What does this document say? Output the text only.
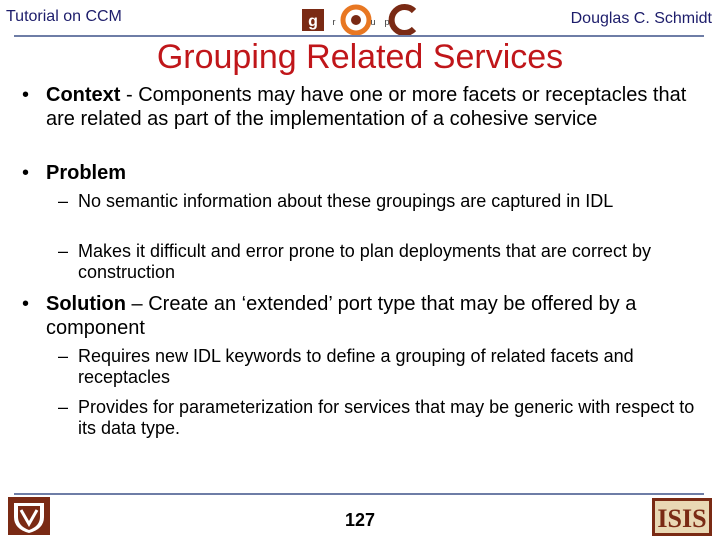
Tutorial on CCM	Douglas C. Schmidt
g r	u p
Grouping Related Services
• Context - Components may have one or more facets or receptacles that are related as part of the implementation of a cohesive service
• Problem
– No semantic information about these groupings are captured in IDL
– Makes it difficult and error prone to plan deployments that are correct by construction
• Solution – Create an ‘extended’ port type that may be offered by a component
– Requires new IDL keywords to define a grouping of related facets and receptacles
– Provides for parameterization for services that may be generic with respect to its data type.
127	ISIS
